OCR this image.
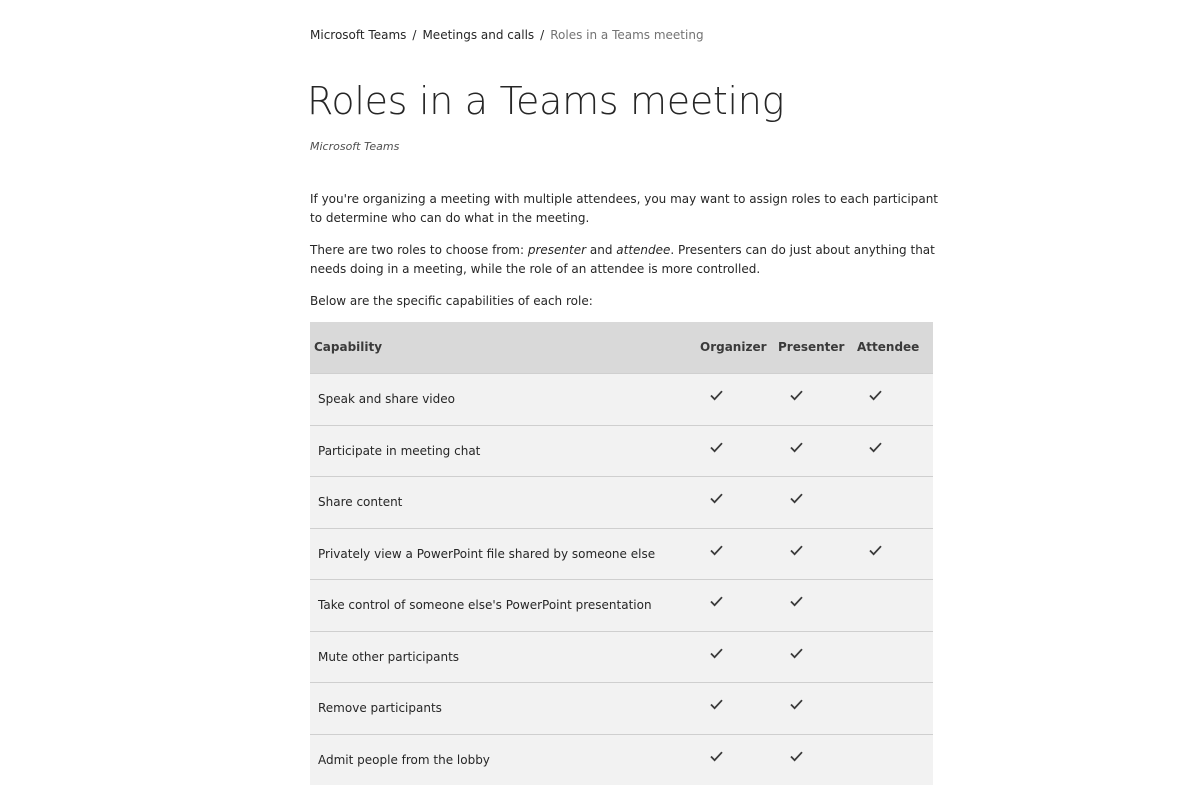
Microsoft Teams / Meetings and calls / Roles in a Teams meeting
Roles in a Teams meeting
Microsoft Teams

If you're organizing a meeting with multiple attendees, you may want to assign roles to each participant to determine who can do what in the meeting.

There are two roles to choose from: presenter and attendee. Presenters can do just about anything that needs doing in a meeting, while the role of an attendee is more controlled.

Below are the specific capabilities of each role:

Capability	Organizer Presenter Attendee
Speak and share video
Participate in meeting chat
Share content
Privately view a PowerPoint file shared by someone else
Take control of someone else's PowerPoint presentation
Mute other participants
Remove participants
Admit people from the lobby
